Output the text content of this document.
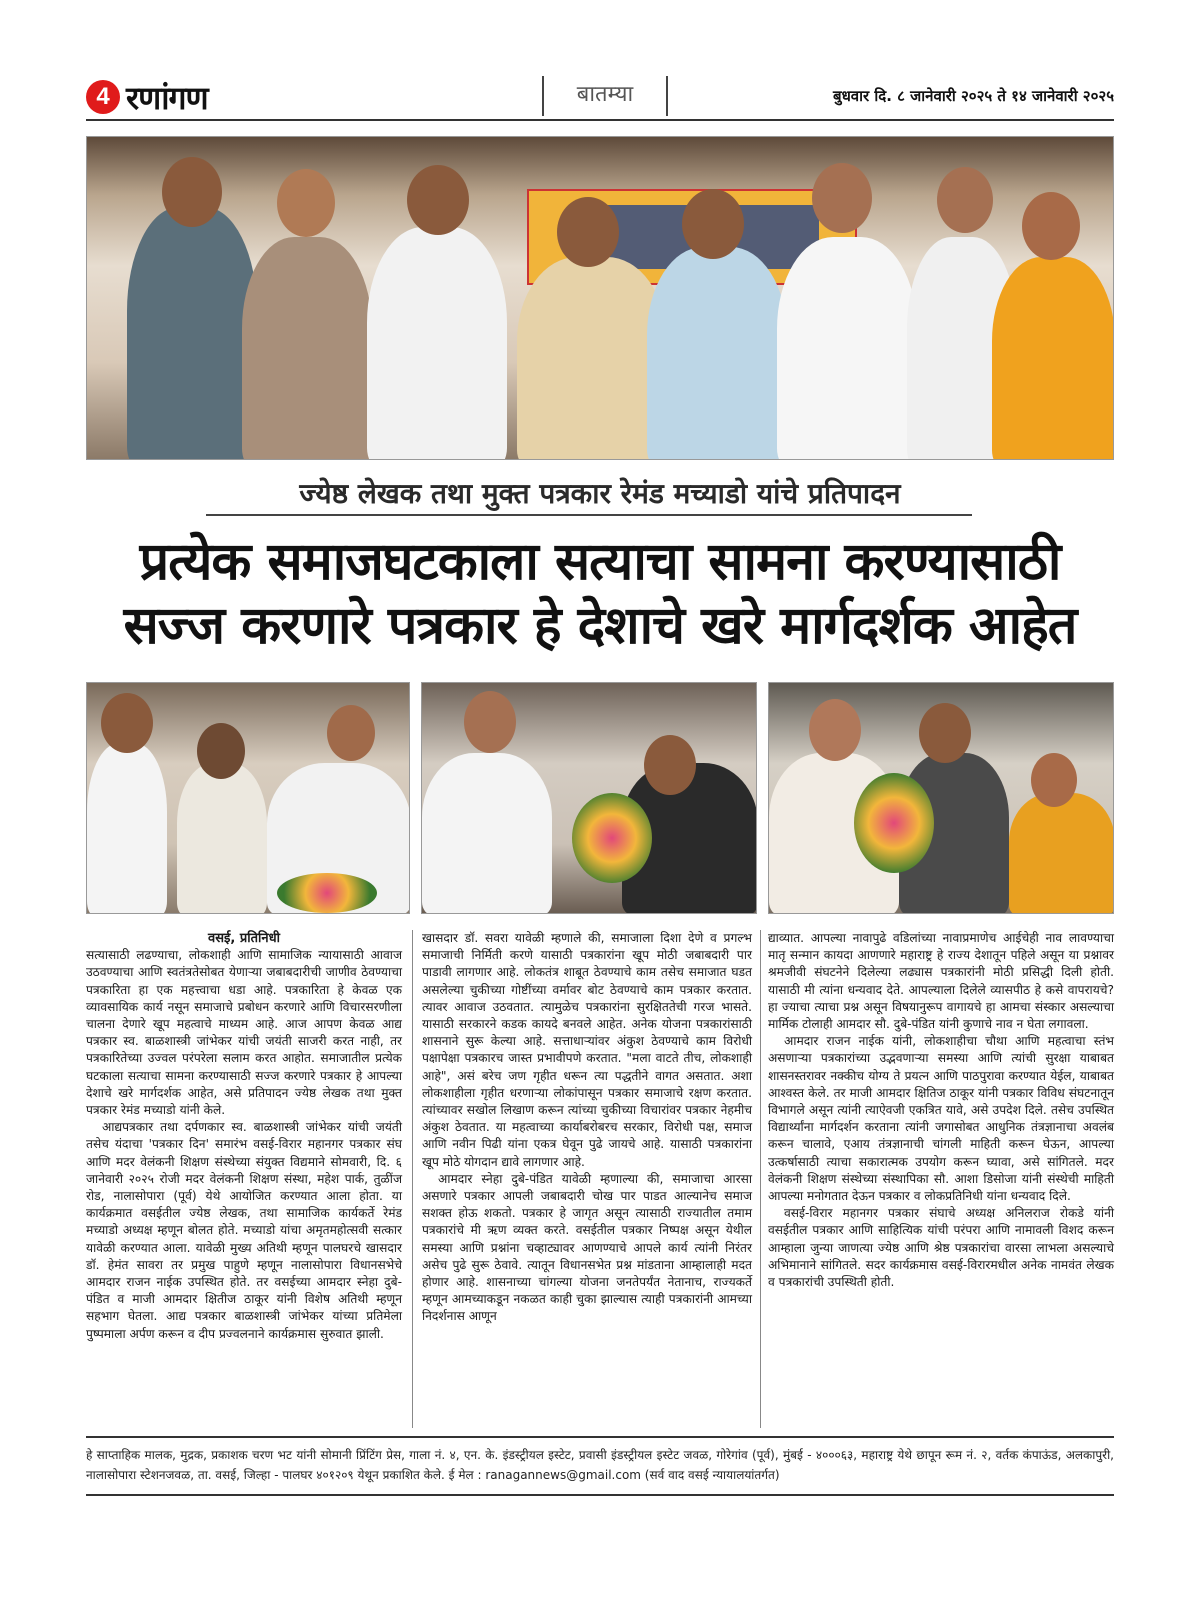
4 रणांगण	बातम्या	बुधवार दि. ८ जानेवारी २०२५ ते १४ जानेवारी २०२५
ज्येष्ठ लेखक तथा मुक्त पत्रकार रेमंड मच्याडो यांचे प्रतिपादन
प्रत्येक समाजघटकाला सत्याचा सामना करण्यासाठी
सज्ज करणारे पत्रकार हे देशाचे खरे मार्गदर्शक आहेत
वसई, प्रतिनिधी

सत्यासाठी लढण्याचा, लोकशाही आणि सामाजिक न्यायासाठी आवाज उठवण्याचा आणि स्वतंत्रतेसोबत येणाऱ्या जबाबदारीची जाणीव ठेवण्याचा पत्रकारिता हा एक महत्त्वाचा धडा आहे. पत्रकारिता हे केवळ एक व्यावसायिक कार्य नसून समाजाचे प्रबोधन करणारे आणि विचारसरणीला चालना देणारे खूप महत्वाचे माध्यम आहे. आज आपण केवळ आद्य पत्रकार स्व. बाळशास्त्री जांभेकर यांची जयंती साजरी करत नाही, तर पत्रकारितेच्या उज्वल परंपरेला सलाम करत आहोत. समाजातील प्रत्येक घटकाला सत्याचा सामना करण्यासाठी सज्ज करणारे पत्रकार हे आपल्या देशाचे खरे मार्गदर्शक आहेत, असे प्रतिपादन ज्येष्ठ लेखक तथा मुक्त पत्रकार रेमंड मच्याडो यांनी केले.

आद्यपत्रकार तथा दर्पणकार स्व. बाळशास्त्री जांभेकर यांची जयंती तसेच यंदाचा 'पत्रकार दिन' समारंभ वसई-विरार महानगर पत्रकार संघ आणि मदर वेलंकनी शिक्षण संस्थेच्या संयुक्त विद्यमाने सोमवारी, दि. ६ जानेवारी २०२५ रोजी मदर वेलंकनी शिक्षण संस्था, महेश पार्क, तुळींज रोड, नालासोपारा (पूर्व) येथे आयोजित करण्यात आला होता. या कार्यक्रमात वसईतील ज्येष्ठ लेखक, तथा सामाजिक कार्यकर्ते रेमंड मच्याडो अध्यक्ष म्हणून बोलत होते. मच्याडो यांचा अमृतमहोत्सवी सत्कार यावेळी करण्यात आला. यावेळी मुख्य अतिथी म्हणून पालघरचे खासदार डॉ. हेमंत सावरा तर प्रमुख पाहुणे म्हणून नालासोपारा विधानसभेचे आमदार राजन नाईक उपस्थित होते. तर वसईच्या आमदार स्नेहा दुबे-पंडित व माजी आमदार क्षितीज ठाकूर यांनी विशेष अतिथी म्हणून सहभाग घेतला. आद्य पत्रकार बाळशास्त्री जांभेकर यांच्या प्रतिमेला पुष्पमाला अर्पण करून व दीप प्रज्वलनाने कार्यक्रमास सुरुवात झाली.

खासदार डॉ. सवरा यावेळी म्हणाले की, समाजाला दिशा देणे व प्रगल्भ समाजाची निर्मिती करणे यासाठी पत्रकारांना खूप मोठी जबाबदारी पार पाडावी लागणार आहे. लोकतंत्र शाबूत ठेवण्याचे काम तसेच समाजात घडत असलेल्या चुकीच्या गोष्टींच्या वर्मावर बोट ठेवण्याचे काम पत्रकार करतात. त्यावर आवाज उठवतात. त्यामुळेच पत्रकारांना सुरक्षिततेची गरज भासते. यासाठी सरकारने कडक कायदे बनवले आहेत. अनेक योजना पत्रकारांसाठी शासनाने सुरू केल्या आहे. सत्ताधाऱ्यांवर अंकुश ठेवण्याचे काम विरोधी पक्षापेक्षा पत्रकारच जास्त प्रभावीपणे करतात. "मला वाटते तीच, लोकशाही आहे", असं बरेच जण गृहीत धरून त्या पद्धतीने वागत असतात. अशा लोकशाहीला गृहीत धरणाऱ्या लोकांपासून पत्रकार समाजाचे रक्षण करतात. त्यांच्यावर सखोल लिखाण करून त्यांच्या चुकीच्या विचारांवर पत्रकार नेहमीच अंकुश ठेवतात. या महत्वाच्या कार्याबरोबरच सरकार, विरोधी पक्ष, समाज आणि नवीन पिढी यांना एकत्र घेवून पुढे जायचे आहे. यासाठी पत्रकारांना खूप मोठे योगदान द्यावे लागणार आहे.

आमदार स्नेहा दुबे-पंडित यावेळी म्हणाल्या की, समाजाचा आरसा असणारे पत्रकार आपली जबाबदारी चोख पार पाडत आल्यानेच समाज सशक्त होऊ शकतो. पत्रकार हे जागृत असून त्यासाठी राज्यातील तमाम पत्रकारांचे मी ऋण व्यक्त करते. वसईतील पत्रकार निष्पक्ष असून येथील समस्या आणि प्रश्नांना चव्हाट्यावर आणण्याचे आपले कार्य त्यांनी निरंतर असेच पुढे सुरू ठेवावे. त्यातून विधानसभेत प्रश्न मांडताना आम्हालाही मदत होणार आहे. शासनाच्या चांगल्या योजना जनतेपर्यंत नेतानाच, राज्यकर्ते म्हणून आमच्याकडून नकळत काही चुका झाल्यास त्याही पत्रकारांनी आमच्या निदर्शनास आणून

द्याव्यात. आपल्या नावापुढे वडिलांच्या नावाप्रमाणेच आईचेही नाव लावण्याचा मातृ सन्मान कायदा आणणारे महाराष्ट्र हे राज्य देशातून पहिले असून या प्रश्नावर श्रमजीवी संघटनेने दिलेल्या लढ्यास पत्रकारांनी मोठी प्रसिद्धी दिली होती. यासाठी मी त्यांना धन्यवाद देते. आपल्याला दिलेले व्यासपीठ हे कसे वापरायचे? हा ज्याचा त्याचा प्रश्न असून विषयानुरूप वागायचे हा आमचा संस्कार असल्याचा मार्मिक टोलाही आमदार सौ. दुबे-पंडित यांनी कुणाचे नाव न घेता लगावला.

आमदार राजन नाईक यांनी, लोकशाहीचा चौथा आणि महत्वाचा स्तंभ असणाऱ्या पत्रकारांच्या उद्भवणाऱ्या समस्या आणि त्यांची सुरक्षा याबाबत शासनस्तरावर नक्कीच योग्य ते प्रयत्न आणि पाठपुरावा करण्यात येईल, याबाबत आश्वस्त केले. तर माजी आमदार क्षितिज ठाकूर यांनी पत्रकार विविध संघटनातून विभागले असून त्यांनी त्याऐवजी एकत्रित यावे, असे उपदेश दिले. तसेच उपस्थित विद्यार्थ्यांना मार्गदर्शन करताना त्यांनी जगासोबत आधुनिक तंत्रज्ञानाचा अवलंब करून चालावे, एआय तंत्रज्ञानाची चांगली माहिती करून घेऊन, आपल्या उत्कर्षासाठी त्याचा सकारात्मक उपयोग करून घ्यावा, असे सांगितले. मदर वेलंकनी शिक्षण संस्थेच्या संस्थापिका सौ. आशा डिसोजा यांनी संस्थेची माहिती आपल्या मनोगतात देऊन पत्रकार व लोकप्रतिनिधी यांना धन्यवाद दिले.

वसई-विरार महानगर पत्रकार संघाचे अध्यक्ष अनिलराज रोकडे यांनी वसईतील पत्रकार आणि साहित्यिक यांची परंपरा आणि नामावली विशद करून आम्हाला जुन्या जाणत्या ज्येष्ठ आणि श्रेष्ठ पत्रकारांचा वारसा लाभला असल्याचे अभिमानाने सांगितले. सदर कार्यक्रमास वसई-विरारमधील अनेक नामवंत लेखक व पत्रकारांची उपस्थिती होती.

हे साप्ताहिक मालक, मुद्रक, प्रकाशक चरण भट यांनी सोमानी प्रिंटिंग प्रेस, गाला नं. ४, एन. के. इंडस्ट्रीयल इस्टेट, प्रवासी इंडस्ट्रीयल इस्टेट जवळ, गोरेगांव (पूर्व), मुंबई - ४०००६३, महाराष्ट्र येथे छापून रूम नं. २, वर्तक कंपाऊंड, अलकापुरी, नालासोपारा स्टेशनजवळ, ता. वसई, जिल्हा - पालघर ४०१२०९ येथून प्रकाशित केले. ई मेल : ranagannews@gmail.com (सर्व वाद वसई न्यायालयांतर्गत)
